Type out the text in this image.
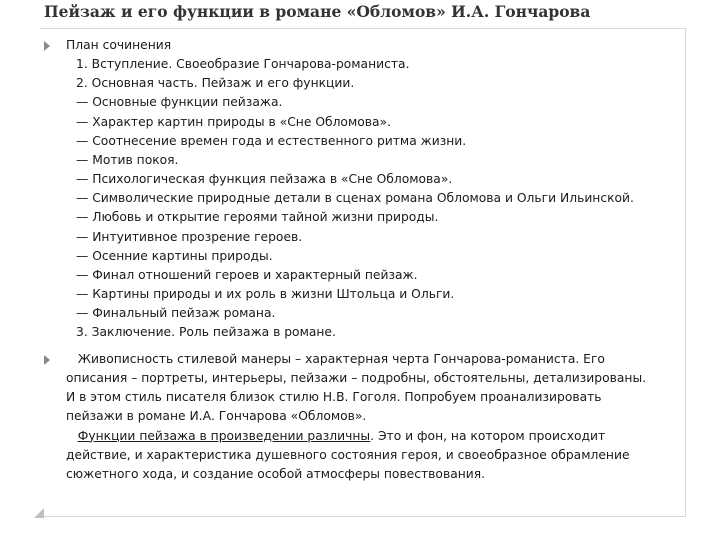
Пейзаж и его функции в романе «Обломов» И.А. Гончарова
План сочинения
1. Вступление. Своеобразие Гончарова-романиста.
2. Основная часть. Пейзаж и его функции.
— Основные функции пейзажа.
— Характер картин природы в «Сне Обломова».
— Соотнесение времен года и естественного ритма жизни.
— Мотив покоя.
— Психологическая функция пейзажа в «Сне Обломова».
— Символические природные детали в сценах романа Обломова и Ольги Ильинской.
— Любовь и открытие героями тайной жизни природы.
— Интуитивное прозрение героев.
— Осенние картины природы.
— Финал отношений героев и характерный пейзаж.
— Картины природы и их роль в жизни Штольца и Ольги.
— Финальный пейзаж романа.
3. Заключение. Роль пейзажа в романе.
Живописность стилевой манеры – характерная черта Гончарова-романиста. Его
описания – портреты, интерьеры, пейзажи – подробны, обстоятельны, детализированы.
И в этом стиль писателя близок стилю Н.В. Гоголя. Попробуем проанализировать
пейзажи в романе И.А. Гончарова «Обломов».
Функции пейзажа в произведении различны. Это и фон, на котором происходит
действие, и характеристика душевного состояния героя, и своеобразное обрамление
сюжетного хода, и создание особой атмосферы повествования.
